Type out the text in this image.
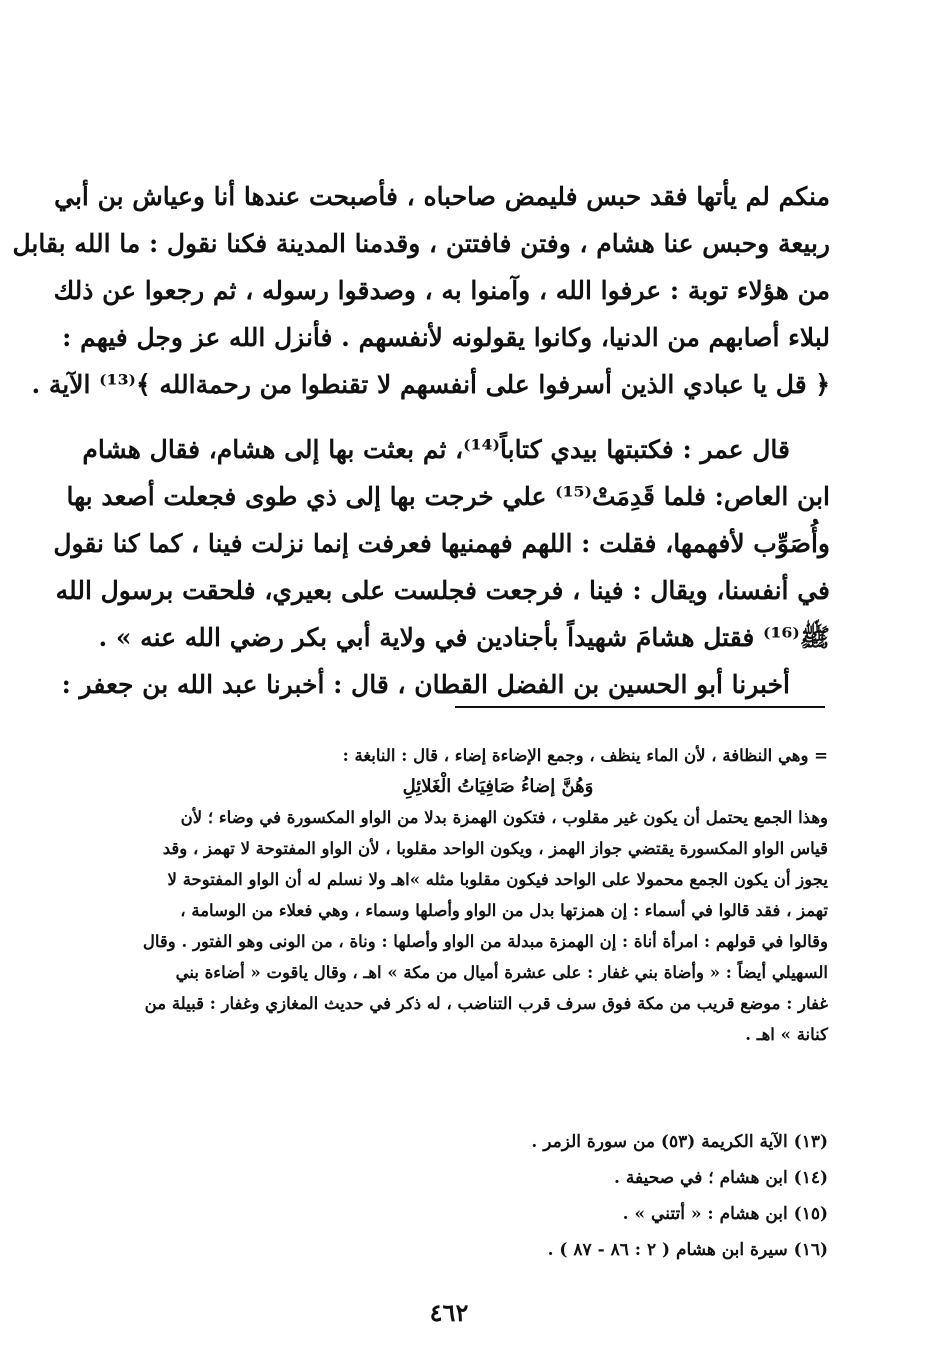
منكم لم يأتها فقد حبس فليمض صاحباه ، فأصبحت عندها أنا وعياش بن أبي
ربيعة وحبس عنا هشام ، وفتن فافتتن ، وقدمنا المدينة فكنا نقول : ما الله بقابل
من هؤلاء توبة : عرفوا الله ، وآمنوا به ، وصدقوا رسوله ، ثم رجعوا عن ذلك
لبلاء أصابهم من الدنيا، وكانوا يقولونه لأنفسهم . فأنزل الله عز وجل فيهم :
﴿ قل يا عبادي الذين أسرفوا على أنفسهم لا تقنطوا من رحمةالله ﴾⁽¹³⁾ الآية .
قال عمر : فكتبتها بيدي كتاباً⁽¹⁴⁾، ثم بعثت بها إلى هشام، فقال هشام
ابن العاص: فلما قَدِمَتْ⁽¹⁵⁾ علي خرجت بها إلى ذي طوى فجعلت أصعد بها
وأُصَوِّب لأفهمها، فقلت : اللهم فهمنيها فعرفت إنما نزلت فينا ، كما كنا نقول
في أنفسنا، ويقال : فينا ، فرجعت فجلست على بعيري، فلحقت برسول الله
ﷺ⁽¹⁶⁾ فقتل هشامَ شهيداً بأجنادين في ولاية أبي بكر رضي الله عنه » .
أخبرنا أبو الحسين بن الفضل القطان ، قال : أخبرنا عبد الله بن جعفر :
= وهي النظافة ، لأن الماء ينظف ، وجمع الإضاءة إضاء ، قال : النابغة :
وَهُنَّ إضاءُ صَافِيَاتُ الْغَلائِلِ
وهذا الجمع يحتمل أن يكون غير مقلوب ، فتكون الهمزة بدلا من الواو المكسورة في وضاء ؛ لأن
قياس الواو المكسورة يقتضي جواز الهمز ، ويكون الواحد مقلوبا ، لأن الواو المفتوحة لا تهمز ، وقد
يجوز أن يكون الجمع محمولا على الواحد فيكون مقلوبا مثله »اهـ ولا نسلم له أن الواو المفتوحة لا
تهمز ، فقد قالوا في أسماء : إن همزتها بدل من الواو وأصلها وسماء ، وهي فعلاء من الوسامة ،
وقالوا في قولهم : امرأة أناة : إن الهمزة مبدلة من الواو وأصلها : وناة ، من الونى وهو الفتور . وقال
السهيلي أيضاً : « وأضاة بني غفار : على عشرة أميال من مكة » اهـ ، وقال ياقوت « أضاءة بني
غفار : موضع قريب من مكة فوق سرف قرب التناضب ، له ذكر في حديث المغازي وغفار : قبيلة من
كنانة » اهـ .
(١٣) الآية الكريمة (٥٣) من سورة الزمر .
(١٤) ابن هشام ؛ في صحيفة .
(١٥) ابن هشام : « أتتني » .
(١٦) سيرة ابن هشام ( ٢ : ٨٦ - ٨٧ ) .
٤٦٢
